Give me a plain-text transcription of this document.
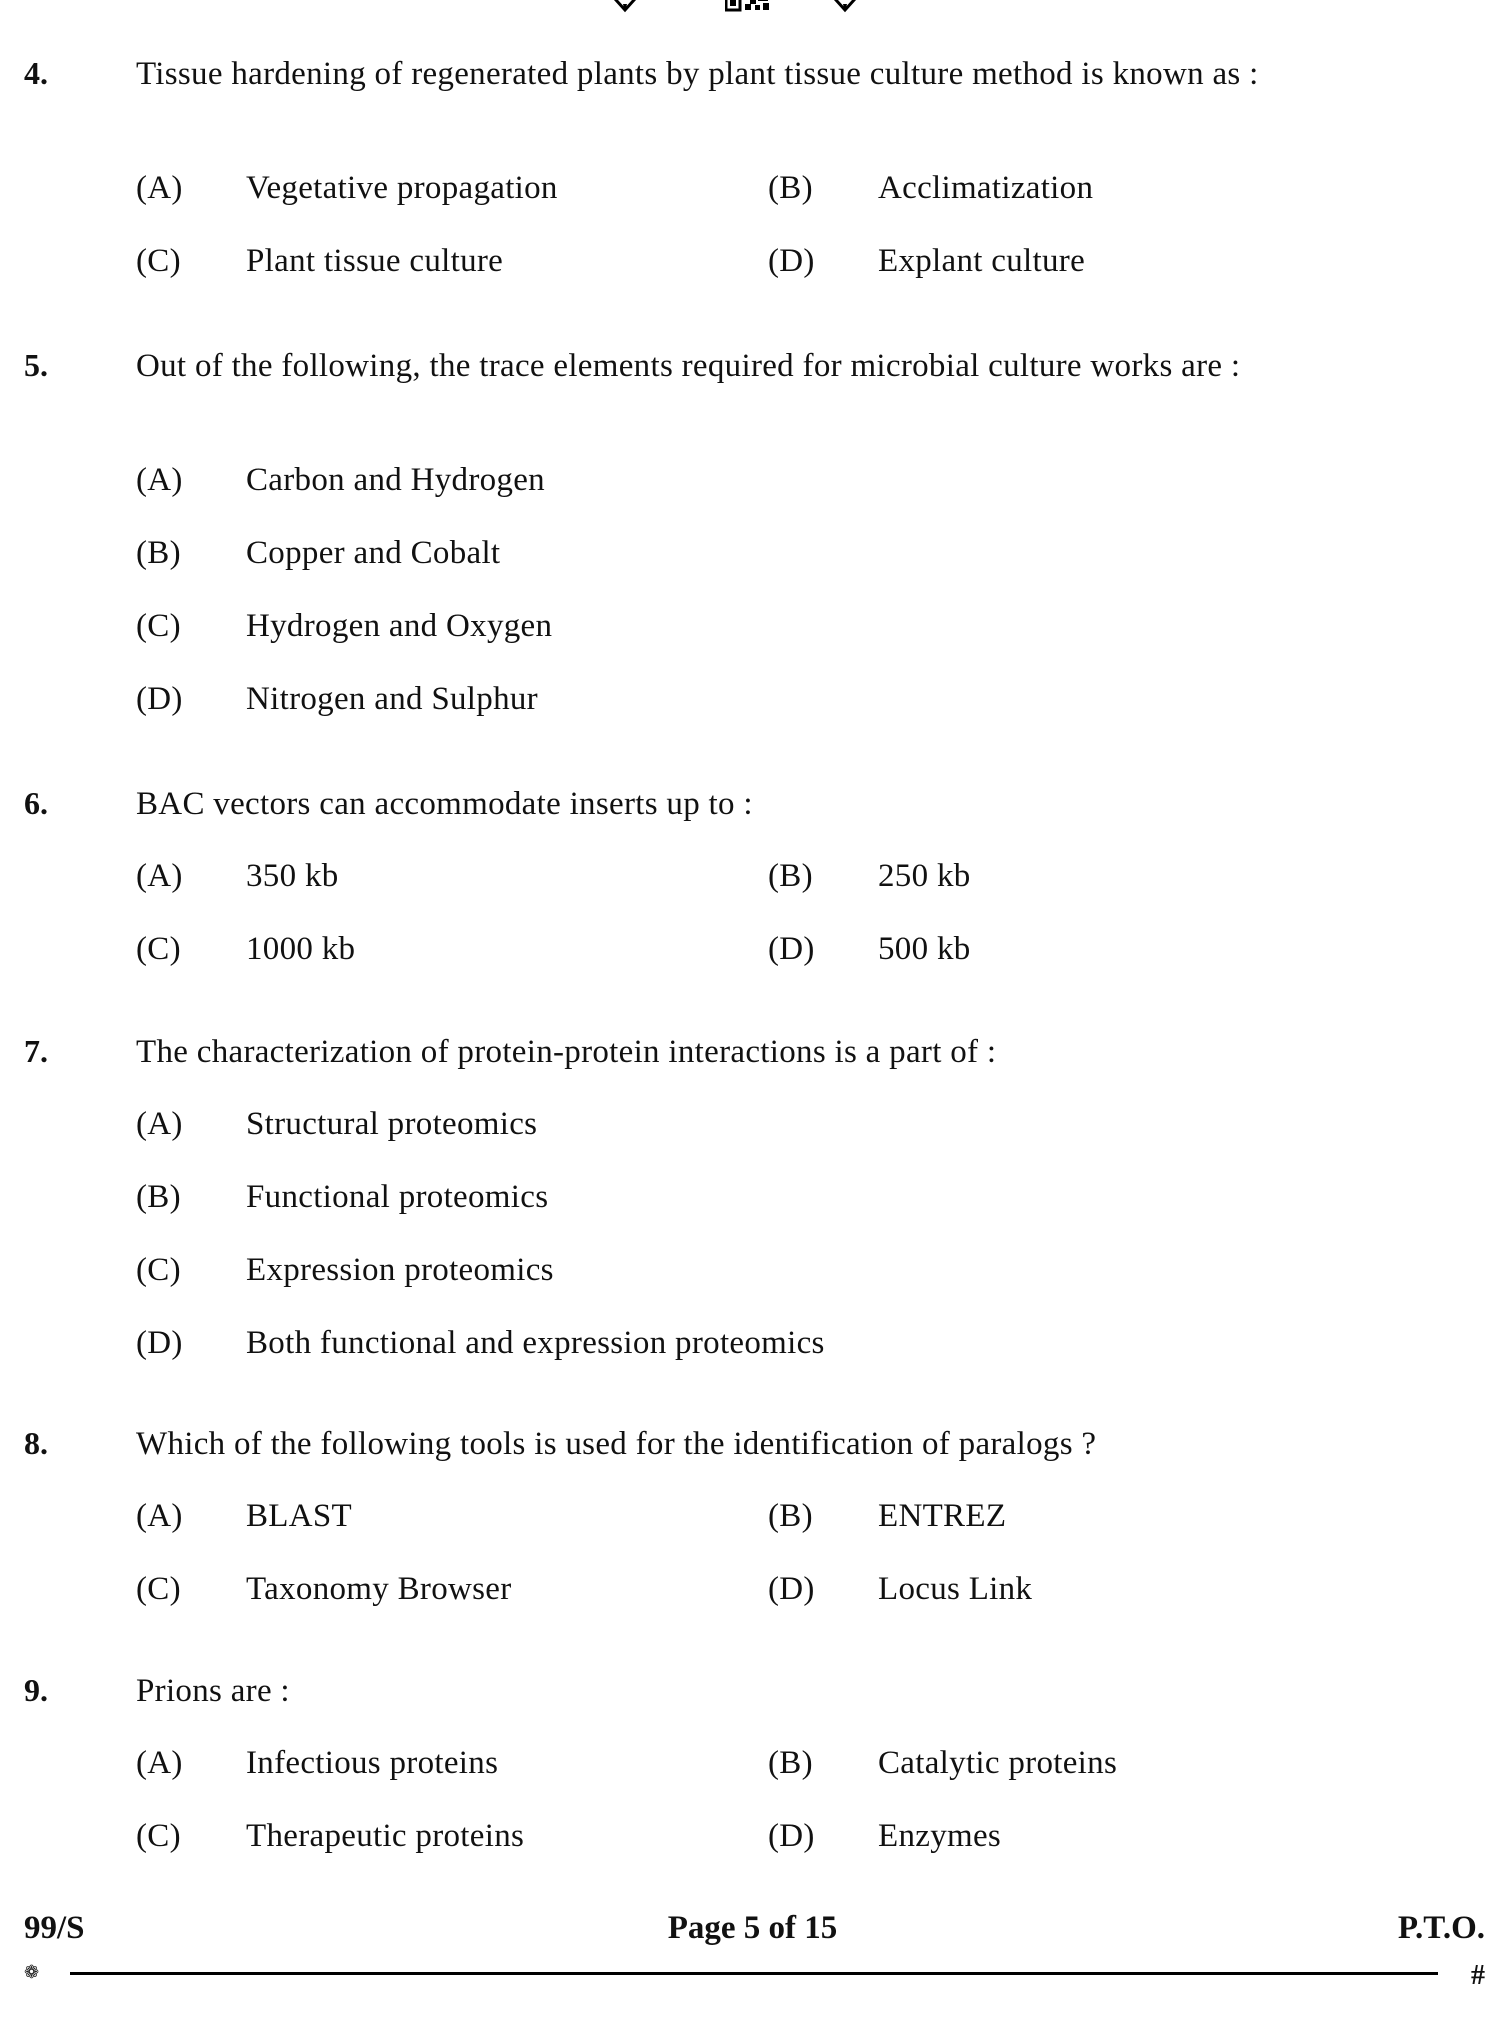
4.	Tissue hardening of regenerated plants by plant tissue culture method is known as :
(A) Vegetative propagation	(B) Acclimatization
(C) Plant tissue culture	(D) Explant culture
5.	Out of the following, the trace elements required for microbial culture works are :
(A) Carbon and Hydrogen
(B) Copper and Cobalt
(C) Hydrogen and Oxygen
(D) Nitrogen and Sulphur
6.	BAC vectors can accommodate inserts up to :
(A) 350 kb	(B) 250 kb
(C) 1000 kb	(D) 500 kb
7.	The characterization of protein-protein interactions is a part of :
(A) Structural proteomics
(B) Functional proteomics
(C) Expression proteomics
(D) Both functional and expression proteomics
8.	Which of the following tools is used for the identification of paralogs ?
(A) BLAST	(B) ENTREZ
(C) Taxonomy Browser	(D) Locus Link
9.	Prions are :
(A) Infectious proteins	(B) Catalytic proteins
(C) Therapeutic proteins	(D) Enzymes
99/S	Page 5 of 15	P.T.O.
❁	#
